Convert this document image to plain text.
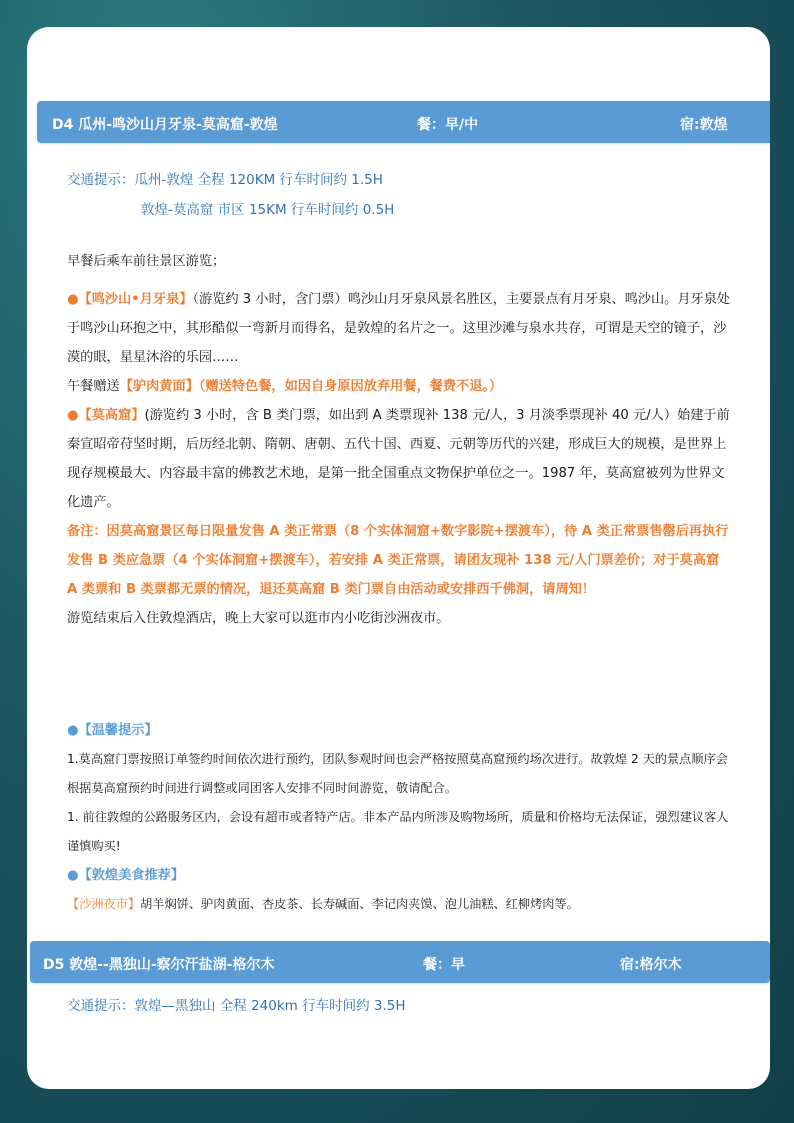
D4 瓜州-鸣沙山月牙泉-莫高窟-敦煌	餐：早/中	宿:敦煌
交通提示：瓜州-敦煌 全程 120KM 行车时间约 1.5H
敦煌-莫高窟 市区 15KM 行车时间约 0.5H
早餐后乘车前往景区游览；

●【鸣沙山•月牙泉】（游览约 3 小时，含门票）鸣沙山月牙泉风景名胜区，主要景点有月牙泉、鸣沙山。月牙泉处于鸣沙山环抱之中，其形酷似一弯新月而得名，是敦煌的名片之一。这里沙滩与泉水共存，可谓是天空的镜子，沙漠的眼，星星沐浴的乐园……

午餐赠送【驴肉黄面】（赠送特色餐，如因自身原因放弃用餐，餐费不退。）

●【莫高窟】(游览约 3 小时，含 B 类门票，如出到 A 类票现补 138 元/人，3 月淡季票现补 40 元/人）始建于前秦宣昭帝苻坚时期，后历经北朝、隋朝、唐朝、五代十国、西夏、元朝等历代的兴建，形成巨大的规模，是世界上现存规模最大、内容最丰富的佛教艺术地，是第一批全国重点文物保护单位之一。1987 年，莫高窟被列为世界文化遗产。

备注：因莫高窟景区每日限量发售 A 类正常票（8 个实体洞窟+数字影院+摆渡车），待 A 类正常票售罄后再执行发售 B 类应急票（4 个实体洞窟+摆渡车），若安排 A 类正常票，请团友现补 138 元/人门票差价；对于莫高窟 A 类票和 B 类票都无票的情况，退还莫高窟 B 类门票自由活动或安排西千佛洞，请周知！

游览结束后入住敦煌酒店，晚上大家可以逛市内小吃街沙洲夜市。

●【温馨提示】

1.莫高窟门票按照订单签约时间依次进行预约，团队参观时间也会严格按照莫高窟预约场次进行。故敦煌 2 天的景点顺序会根据莫高窟预约时间进行调整或同团客人安排不同时间游览，敬请配合。

1. 前往敦煌的公路服务区内，会设有超市或者特产店。非本产品内所涉及购物场所，质量和价格均无法保证，强烈建议客人谨慎购买!

●【敦煌美食推荐】

【沙洲夜市】胡羊焖饼、驴肉黄面、杏皮茶、长寿碱面、李记肉夹馍、泡儿油糕、红柳烤肉等。

D5 敦煌--黑独山-察尔汗盐湖-格尔木	餐：早	宿:格尔木
交通提示：敦煌—黑独山 全程 240km 行车时间约 3.5H
